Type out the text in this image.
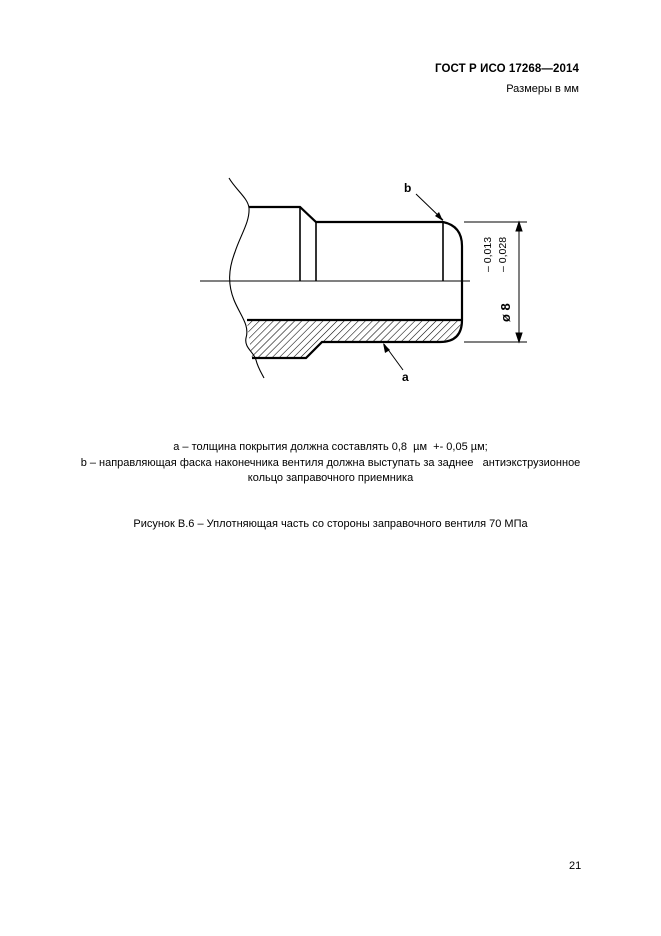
ГОСТ Р ИСО 17268—2014
Размеры в мм
ø 8
– 0,013 – 0,028
b
a
a – толщина покрытия должна составлять 0,8  µм  +- 0,05 µм;
b – направляющая фаска наконечника вентиля должна выступать за заднее   антиэкструзионное
кольцо заправочного приемника
Рисунок В.6 – Уплотняющая часть со стороны заправочного вентиля 70 МПа
21
